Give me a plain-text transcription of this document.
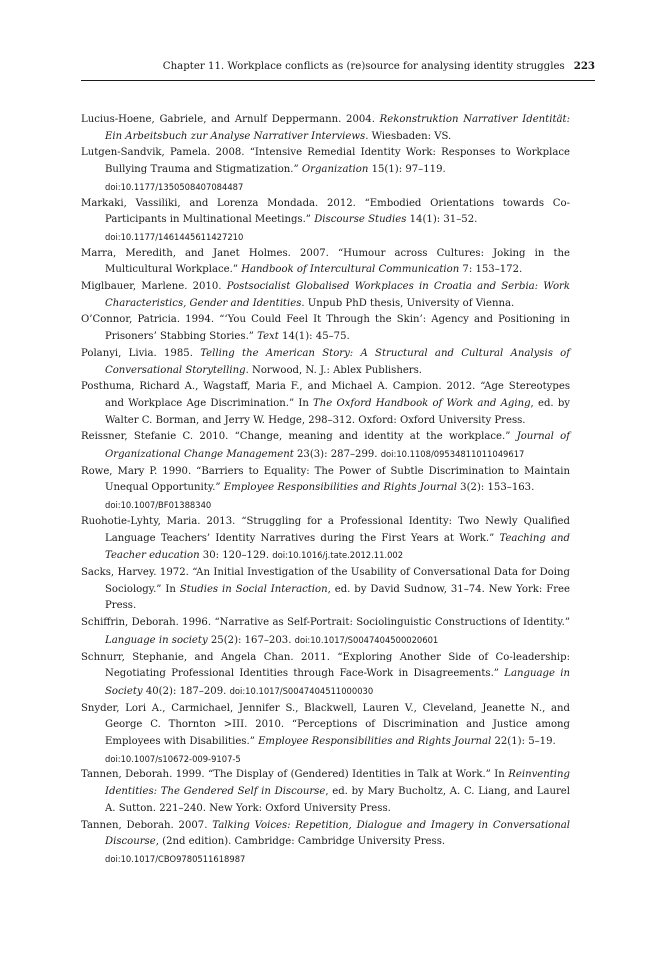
Chapter 11. Workplace conflicts as (re)source for analysing identity struggles 223
Lucius-Hoene, Gabriele, and Arnulf Deppermann. 2004. Rekonstruktion Narrativer Identität: Ein Arbeitsbuch zur Analyse Narrativer Interviews. Wiesbaden: VS.
Lutgen-Sandvik, Pamela. 2008. “Intensive Remedial Identity Work: Responses to Workplace Bullying Trauma and Stigmatization.” Organization 15(1): 97–119.
doi:10.1177/1350508407084487
Markaki, Vassiliki, and Lorenza Mondada. 2012. “Embodied Orientations towards Co-Participants in Multinational Meetings.” Discourse Studies 14(1): 31–52.
doi:10.1177/1461445611427210
Marra, Meredith, and Janet Holmes. 2007. “Humour across Cultures: Joking in the Multicultural Workplace.” Handbook of Intercultural Communication 7: 153–172.
Miglbauer, Marlene. 2010. Postsocialist Globalised Workplaces in Croatia and Serbia: Work Characteristics, Gender and Identities. Unpub PhD thesis, University of Vienna.
O’Connor, Patricia. 1994. “‘You Could Feel It Through the Skin’: Agency and Positioning in Prisoners’ Stabbing Stories.” Text 14(1): 45–75.
Polanyi, Livia. 1985. Telling the American Story: A Structural and Cultural Analysis of Conversational Storytelling. Norwood, N. J.: Ablex Publishers.
Posthuma, Richard A., Wagstaff, Maria F., and Michael A. Campion. 2012. “Age Stereotypes and Workplace Age Discrimination.” In The Oxford Handbook of Work and Aging, ed. by Walter C. Borman, and Jerry W. Hedge, 298–312. Oxford: Oxford University Press.
Reissner, Stefanie C. 2010. “Change, meaning and identity at the workplace.” Journal of Organizational Change Management 23(3): 287–299. doi:10.1108/09534811011049617
Rowe, Mary P. 1990. “Barriers to Equality: The Power of Subtle Discrimination to Maintain Unequal Opportunity.” Employee Responsibilities and Rights Journal 3(2): 153–163.
doi:10.1007/BF01388340
Ruohotie-Lyhty, Maria. 2013. “Struggling for a Professional Identity: Two Newly Qualified Language Teachers’ Identity Narratives during the First Years at Work.” Teaching and Teacher education 30: 120–129. doi:10.1016/j.tate.2012.11.002
Sacks, Harvey. 1972. “An Initial Investigation of the Usability of Conversational Data for Doing Sociology.” In Studies in Social Interaction, ed. by David Sudnow, 31–74. New York: Free Press.
Schiffrin, Deborah. 1996. “Narrative as Self-Portrait: Sociolinguistic Constructions of Identity.” Language in society 25(2): 167–203. doi:10.1017/S0047404500020601
Schnurr, Stephanie, and Angela Chan. 2011. “Exploring Another Side of Co-leadership: Negotiating Professional Identities through Face-Work in Disagreements.” Language in Society 40(2): 187–209. doi:10.1017/S0047404511000030
Snyder, Lori A., Carmichael, Jennifer S., Blackwell, Lauren V., Cleveland, Jeanette N., and George C. Thornton >III. 2010. “Perceptions of Discrimination and Justice among Employees with Disabilities.” Employee Responsibilities and Rights Journal 22(1): 5–19.
doi:10.1007/s10672-009-9107-5
Tannen, Deborah. 1999. “The Display of (Gendered) Identities in Talk at Work.” In Reinventing Identities: The Gendered Self in Discourse, ed. by Mary Bucholtz, A. C. Liang, and Laurel A. Sutton. 221–240. New York: Oxford University Press.
Tannen, Deborah. 2007. Talking Voices: Repetition, Dialogue and Imagery in Conversational Discourse, (2nd edition). Cambridge: Cambridge University Press.
doi:10.1017/CBO9780511618987
